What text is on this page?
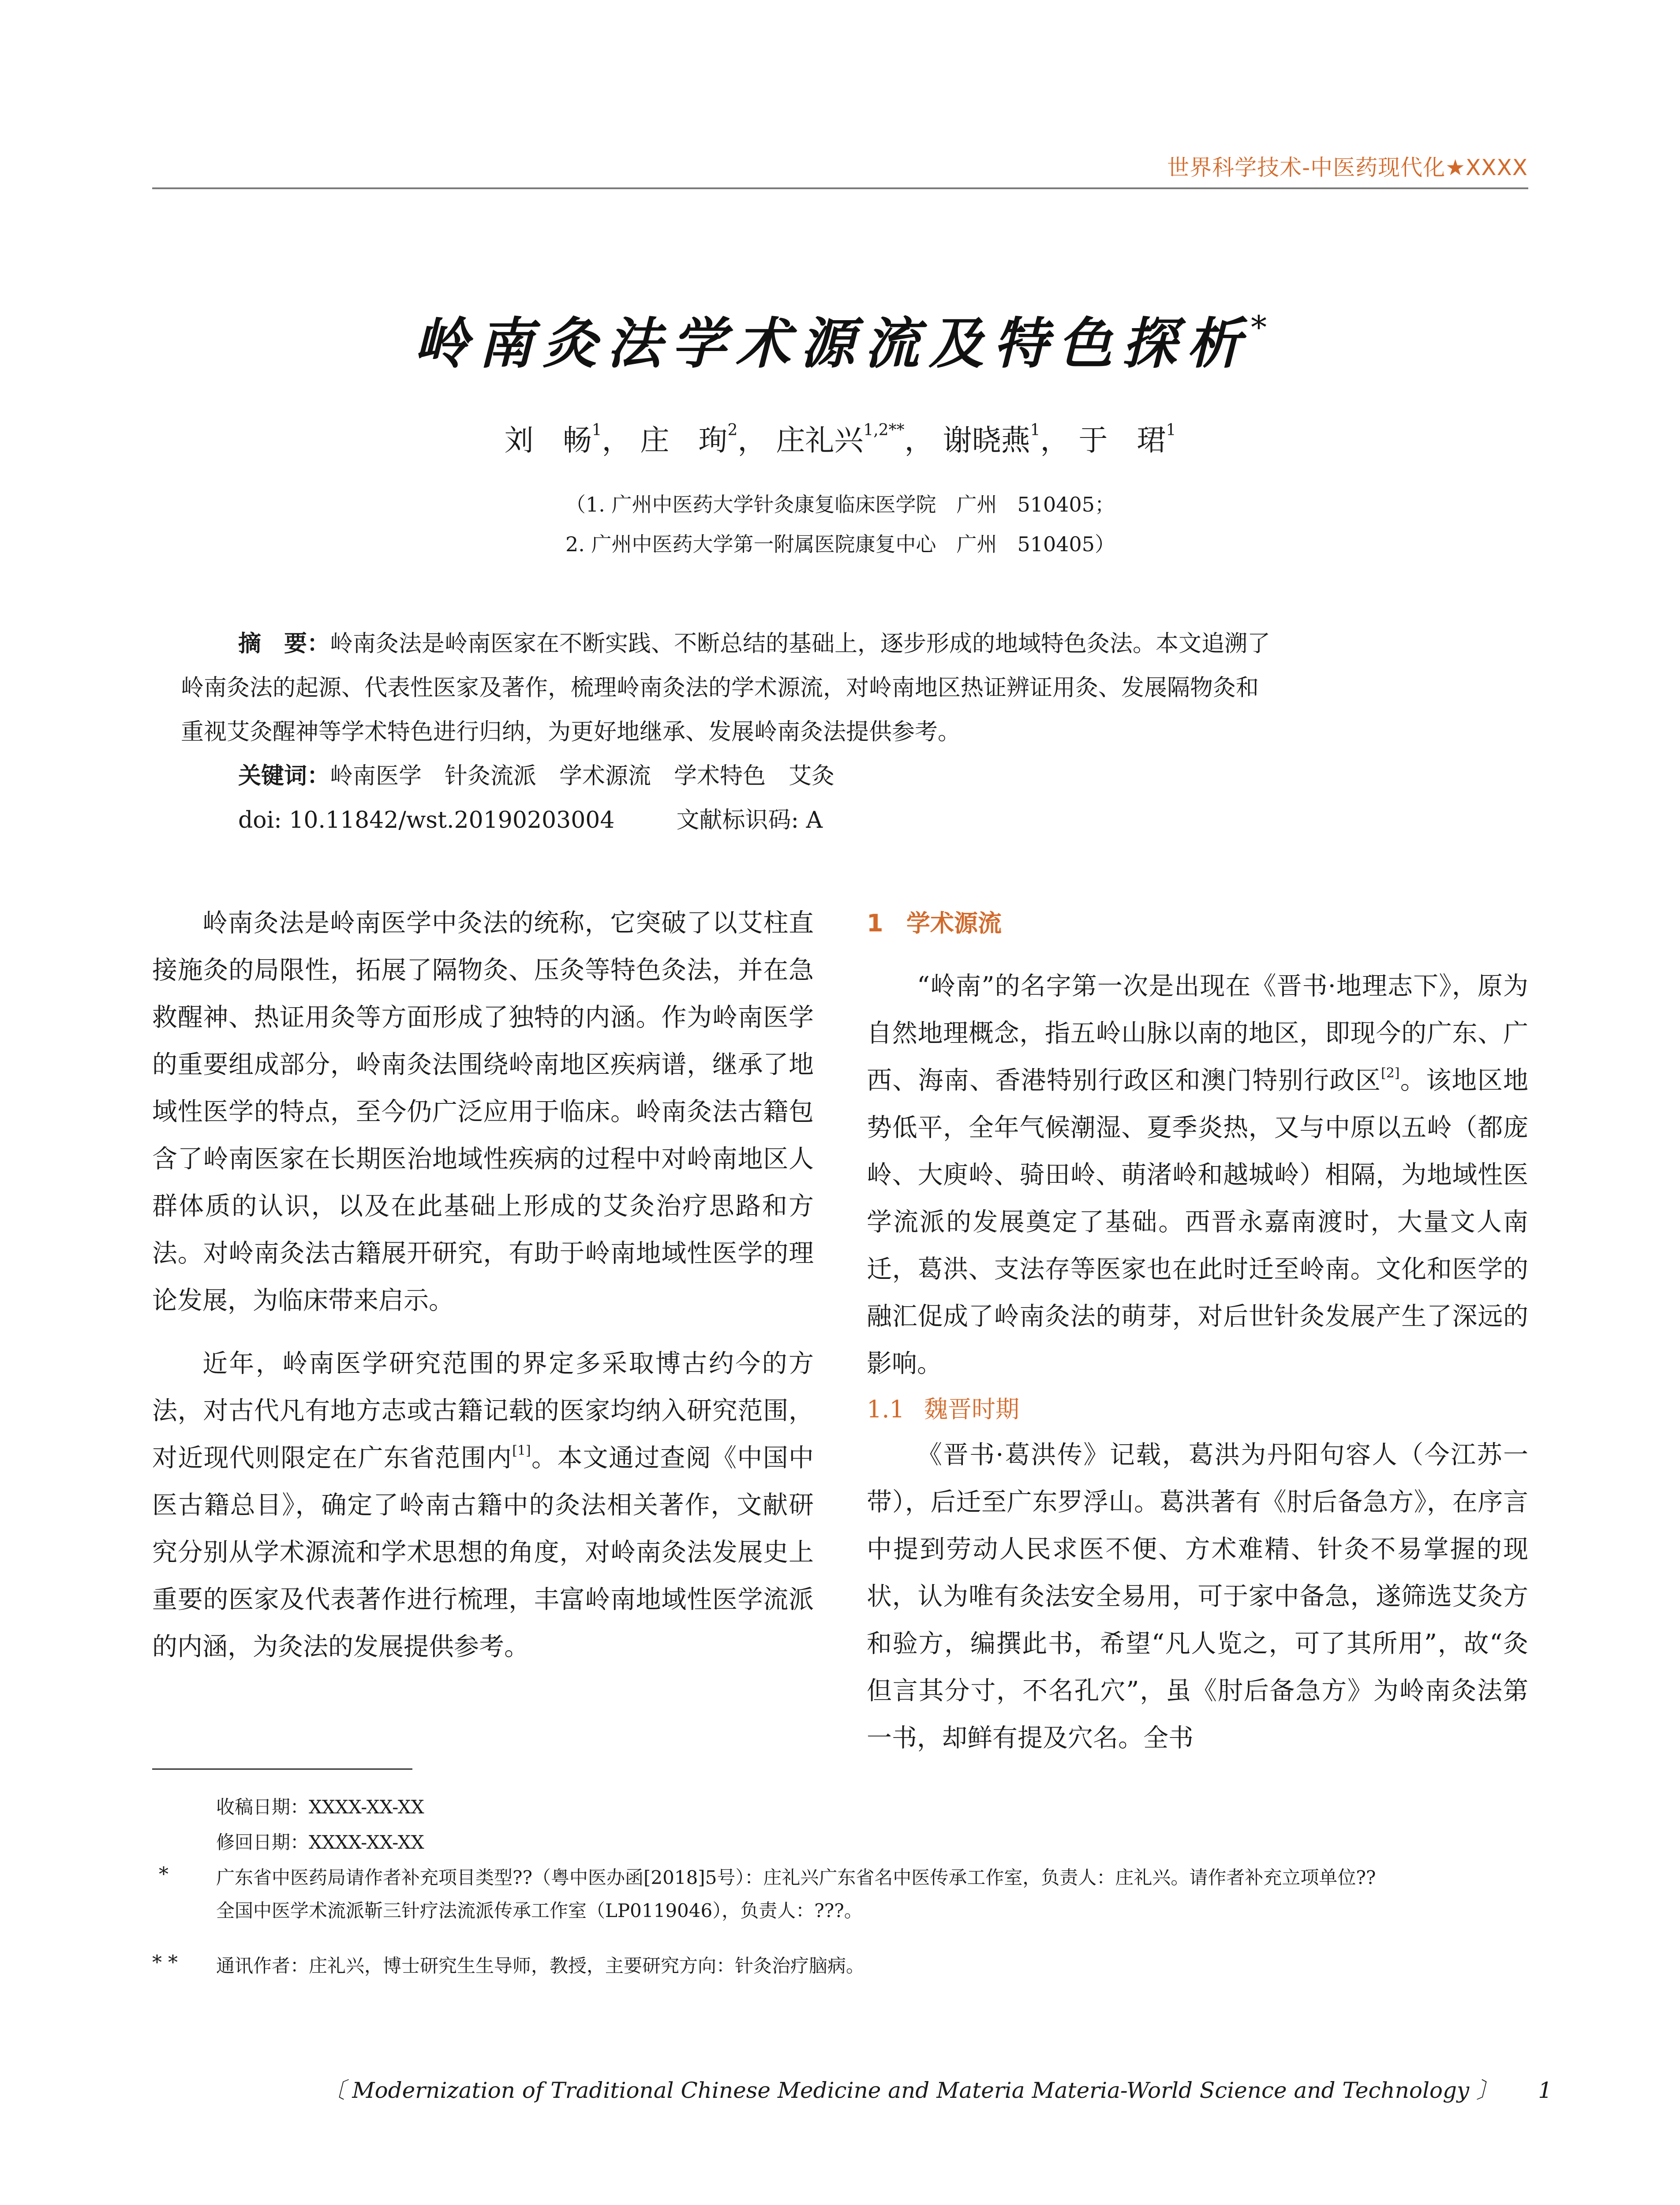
世界科学技术-中医药现代化★XXXX
岭南灸法学术源流及特色探析*
刘　畅$^1$， 庄　珣$^2$， 庄礼兴$^{1,2**}$， 谢晓燕$^1$， 于　珺$^1$
（1. 广州中医药大学针灸康复临床医学院　广州　510405；
2. 广州中医药大学第一附属医院康复中心　广州　510405）
摘　要：岭南灸法是岭南医家在不断实践、不断总结的基础上，逐步形成的地域特色灸法。本文追溯了
岭南灸法的起源、代表性医家及著作，梳理岭南灸法的学术源流，对岭南地区热证辨证用灸、发展隔物灸和
重视艾灸醒神等学术特色进行归纳，为更好地继承、发展岭南灸法提供参考。
关键词：岭南医学　针灸流派　学术源流　学术特色　艾灸
doi: 10.11842/wst.20190203004	文献标识码: A

岭南灸法是岭南医学中灸法的统称，它突破了以艾柱直接施灸的局限性，拓展了隔物灸、压灸等特色灸法，并在急救醒神、热证用灸等方面形成了独特的内涵。作为岭南医学的重要组成部分，岭南灸法围绕岭南地区疾病谱，继承了地域性医学的特点，至今仍广泛应用于临床。岭南灸法古籍包含了岭南医家在长期医治地域性疾病的过程中对岭南地区人群体质的认识，以及在此基础上形成的艾灸治疗思路和方法。对岭南灸法古籍展开研究，有助于岭南地域性医学的理论发展，为临床带来启示。

近年，岭南医学研究范围的界定多采取博古约今的方法，对古代凡有地方志或古籍记载的医家均纳入研究范围，对近现代则限定在广东省范围内[1]。本文通过查阅《中国中医古籍总目》，确定了岭南古籍中的灸法相关著作，文献研究分别从学术源流和学术思想的角度，对岭南灸法发展史上重要的医家及代表著作进行梳理，丰富岭南地域性医学流派的内涵，为灸法的发展提供参考。

1 学术源流

“岭南”的名字第一次是出现在《晋书·地理志下》，原为自然地理概念，指五岭山脉以南的地区，即现今的广东、广西、海南、香港特别行政区和澳门特别行政区[2]。该地区地势低平，全年气候潮湿、夏季炎热，又与中原以五岭（都庞岭、大庾岭、骑田岭、萌渚岭和越城岭）相隔，为地域性医学流派的发展奠定了基础。西晋永嘉南渡时，大量文人南迁，葛洪、支法存等医家也在此时迁至岭南。文化和医学的融汇促成了岭南灸法的萌芽，对后世针灸发展产生了深远的影响。

1.1 魏晋时期

《晋书·葛洪传》记载，葛洪为丹阳句容人（今江苏一带），后迁至广东罗浮山。葛洪著有《肘后备急方》，在序言中提到劳动人民求医不便、方术难精、针灸不易掌握的现状，认为唯有灸法安全易用，可于家中备急，遂筛选艾灸方和验方，编撰此书，希望“凡人览之，可了其所用”，故“灸但言其分寸，不名孔穴”，虽《肘后备急方》为岭南灸法第一书，却鲜有提及穴名。全书

收稿日期：XXXX-XX-XX
修回日期：XXXX-XX-XX
*	广东省中医药局请作者补充项目类型??（粤中医办函[2018]5号）：庄礼兴广东省名中医传承工作室，负责人：庄礼兴。请作者补充立项单位??
全国中医学术流派靳三针疗法流派传承工作室（LP0119046），负责人：???。
* * 通讯作者：庄礼兴，博士研究生生导师，教授，主要研究方向：针灸治疗脑病。
〔 Modernization of Traditional Chinese Medicine and Materia Materia-World Science and Technology 〕 1
